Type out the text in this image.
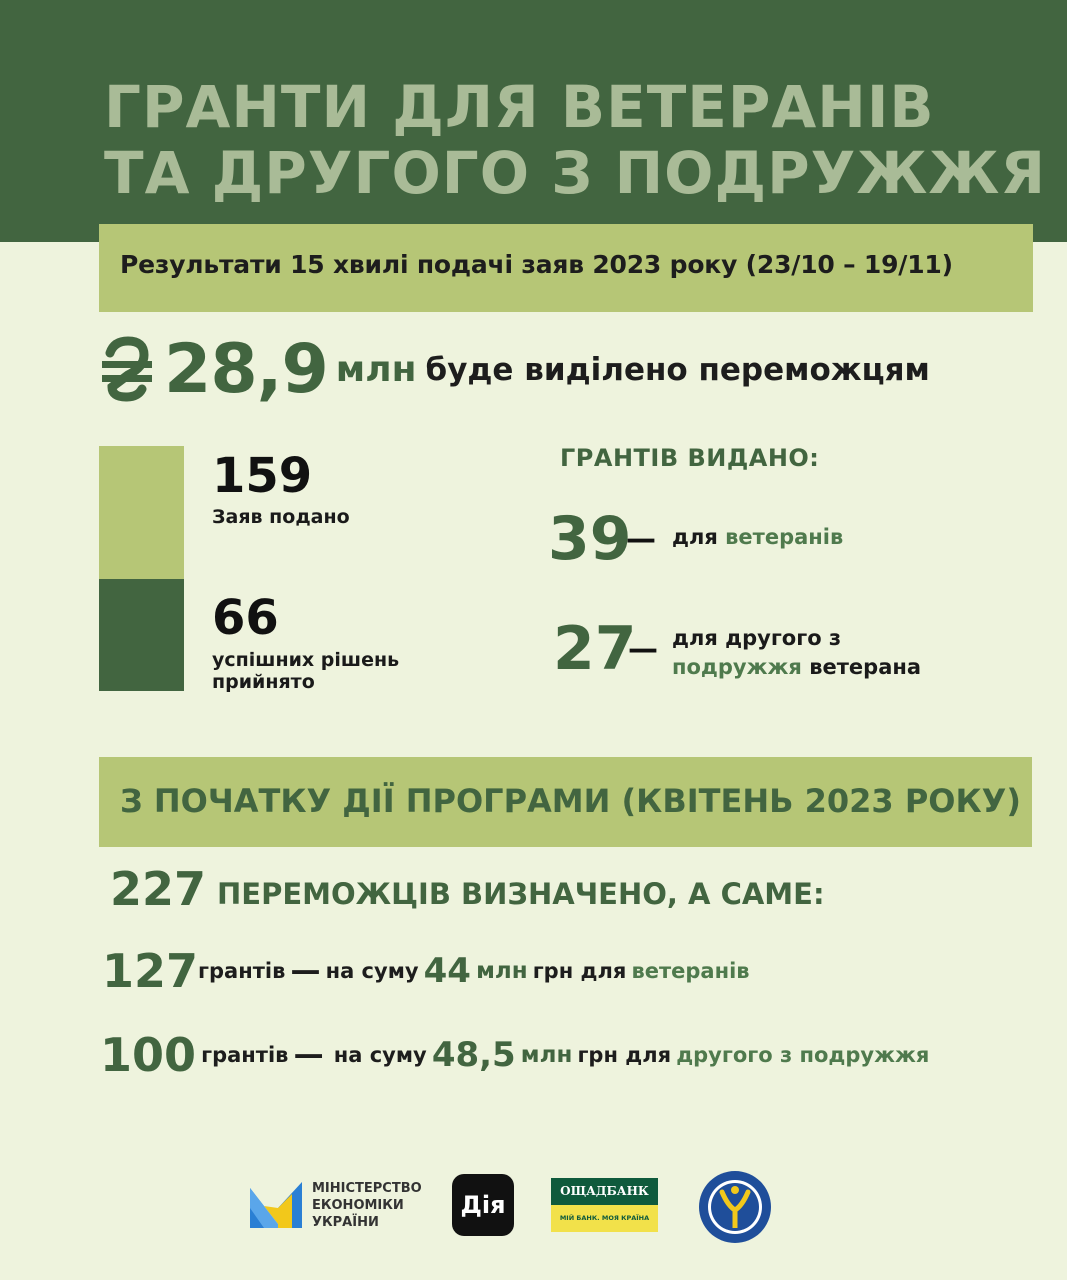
ГРАНТИ ДЛЯ ВЕТЕРАНІВ
ТА ДРУГОГО З ПОДРУЖЖЯ
Результати 15 хвилі подачі заяв 2023 року (23/10 – 19/11)
28,9 млн буде виділено переможцям
159
Заяв подано
66
успішних рішень прийнято
ГРАНТІВ ВИДАНО:
39
— для ветеранів
27
— для другого з
подружжя ветерана
З ПОЧАТКУ ДІЇ ПРОГРАМИ (КВІТЕНЬ 2023 РОКУ)
227 ПЕРЕМОЖЦІВ ВИЗНАЧЕНО, А САМЕ:
127грантів — на суму 44 млн грн для ветеранів
100 грантів — на суму 48,5 млн грн для другого з подружжя
МІНІСТЕРСТВО
ЕКОНОМІКИ
УКРАЇНИ
Дія	ОЩАДБАНК
МІЙ БАНК. МОЯ КРАЇНА
